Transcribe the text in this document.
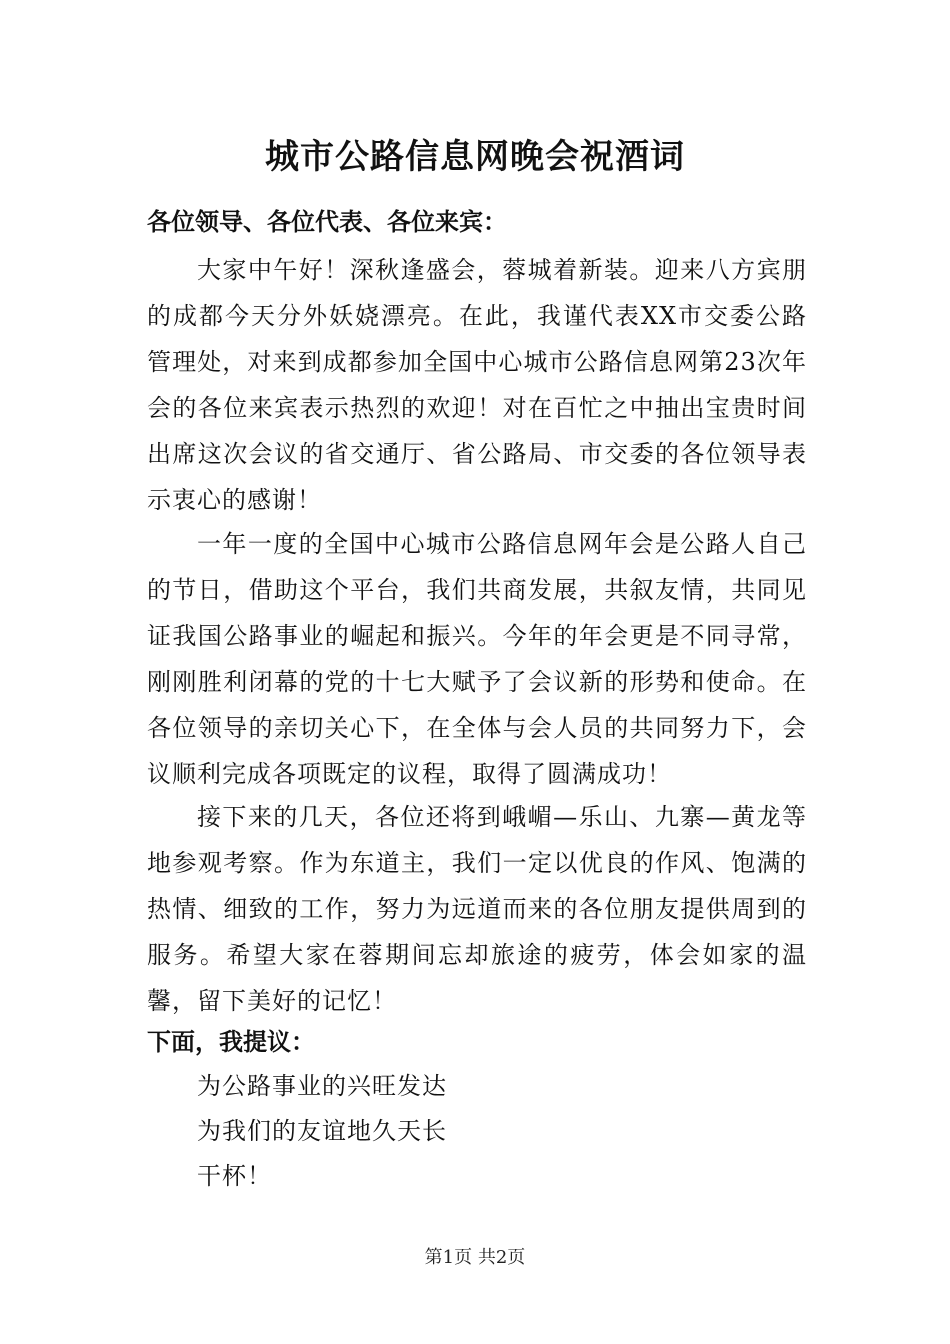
城市公路信息网晚会祝酒词
各位领导、各位代表、各位来宾：

大家中午好！深秋逢盛会，蓉城着新装。迎来八方宾朋的成都今天分外妖娆漂亮。在此，我谨代表XX市交委公路管理处，对来到成都参加全国中心城市公路信息网第23次年会的各位来宾表示热烈的欢迎！对在百忙之中抽出宝贵时间出席这次会议的省交通厅、省公路局、市交委的各位领导表示衷心的感谢！

一年一度的全国中心城市公路信息网年会是公路人自己的节日，借助这个平台，我们共商发展，共叙友情，共同见证我国公路事业的崛起和振兴。今年的年会更是不同寻常，刚刚胜利闭幕的党的十七大赋予了会议新的形势和使命。在各位领导的亲切关心下，在全体与会人员的共同努力下，会议顺利完成各项既定的议程，取得了圆满成功！

接下来的几天，各位还将到峨嵋—乐山、九寨—黄龙等地参观考察。作为东道主，我们一定以优良的作风、饱满的热情、细致的工作，努力为远道而来的各位朋友提供周到的服务。希望大家在蓉期间忘却旅途的疲劳，体会如家的温馨，留下美好的记忆！

下面，我提议：
为公路事业的兴旺发达
为我们的友谊地久天长
干杯！
第1页 共2页
